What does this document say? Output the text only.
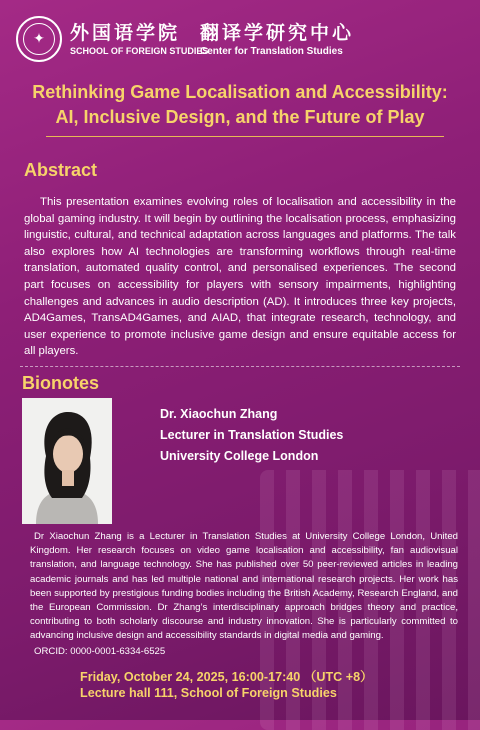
✦	外国语学院
SCHOOL OF FOREIGN STUDIES
翻译学研究中心
Center for Translation Studies
Rethinking Game Localisation and Accessibility:
AI, Inclusive Design, and the Future of Play
Abstract
This presentation examines evolving roles of localisation and accessibility in the global gaming industry. It will begin by outlining the localisation process, emphasizing linguistic, cultural, and technical adaptation across languages and platforms. The talk also explores how AI technologies are transforming workflows through real-time translation, automated quality control, and personalised experiences. The second part focuses on accessibility for players with sensory impairments, highlighting challenges and advances in audio description (AD). It introduces three key projects, AD4Games, TransAD4Games, and AIAD, that integrate research, technology, and user experience to promote inclusive game design and ensure equitable access for all players.
Bionotes
Dr. Xiaochun Zhang
Lecturer in Translation Studies
University College London
Dr Xiaochun Zhang is a Lecturer in Translation Studies at University College London, United Kingdom. Her research focuses on video game localisation and accessibility, fan audiovisual translation, and language technology. She has published over 50 peer-reviewed articles in leading academic journals and has led multiple national and international research projects. Her work has been supported by prestigious funding bodies including the British Academy, Research England, and the European Commission. Dr Zhang’s interdisciplinary approach bridges theory and practice, contributing to both scholarly discourse and industry innovation. She is particularly committed to advancing inclusive design and accessibility standards in digital media and gaming.
ORCID: 0000-0001-6334-6525
Friday, October 24, 2025, 16:00-17:40 （UTC +8）
Lecture hall 111, School of Foreign Studies
